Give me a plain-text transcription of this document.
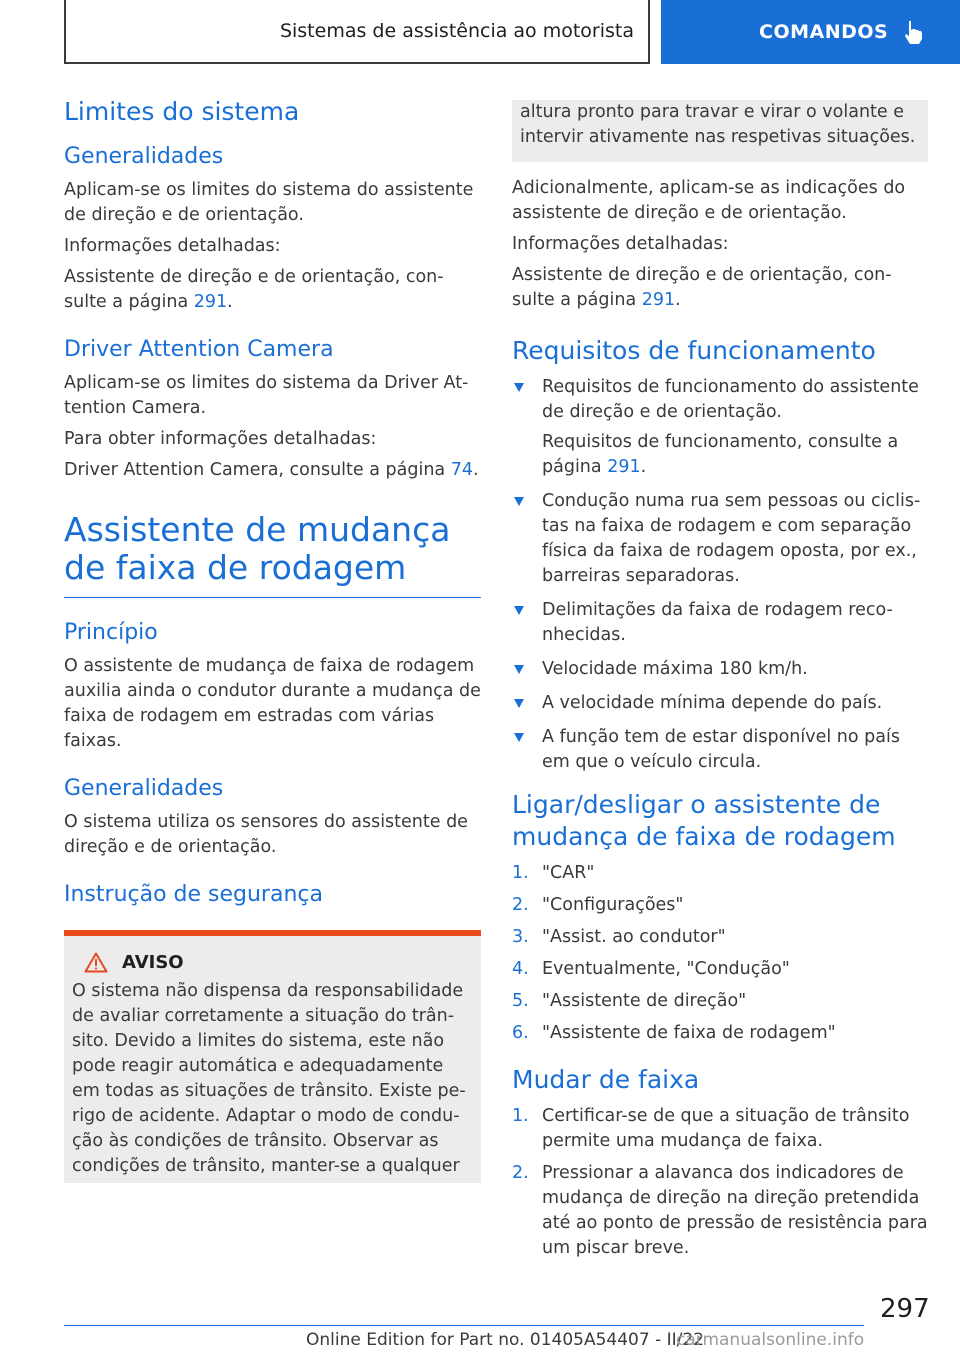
Sistemas de assistência ao motorista	COMANDOS
Limites do sistema
Generalidades

Aplicam-se os limites do sistema do assistente de direção e de orientação.

Informações detalhadas:

Assistente de direção e de orientação, con-sulte a página 291.

Driver Attention Camera

Aplicam-se os limites do sistema da Driver At-tention Camera.

Para obter informações detalhadas:

Driver Attention Camera, consulte a página 74.

Assistente de mudança de faixa de rodagem
Princípio

O assistente de mudança de faixa de rodagem auxilia ainda o condutor durante a mudança de faixa de rodagem em estradas com várias faixas.

Generalidades

O sistema utiliza os sensores do assistente de direção e de orientação.

Instrução de segurança
AVISO

O sistema não dispensa da responsabilidade de avaliar corretamente a situação do trân-sito. Devido a limites do sistema, este não pode reagir automática e adequadamente em todas as situações de trânsito. Existe pe-rigo de acidente. Adaptar o modo de condu-ção às condições de trânsito. Observar as condições de trânsito, manter-se a qualquer

altura pronto para travar e virar o volante e intervir ativamente nas respetivas situações.

Adicionalmente, aplicam-se as indicações do assistente de direção e de orientação.

Informações detalhadas:

Assistente de direção e de orientação, con-sulte a página 291.

Requisitos de funcionamento
Requisitos de funcionamento do assistente de direção e de orientação.
Requisitos de funcionamento, consulte a página 291.
Condução numa rua sem pessoas ou ciclis-tas na faixa de rodagem e com separação física da faixa de rodagem oposta, por ex., barreiras separadoras.
Delimitações da faixa de rodagem reco-nhecidas.
Velocidade máxima 180 km/h.
A velocidade mínima depende do país.
A função tem de estar disponível no país em que o veículo circula.
Ligar/desligar o assistente de mudança de faixa de rodagem
1. "CAR"
2. "Configurações"
3. "Assist. ao condutor"
4. Eventualmente, "Condução"
5. "Assistente de direção"
6. "Assistente de faixa de rodagem"
Mudar de faixa
1. Certificar-se de que a situação de trânsito permite uma mudança de faixa.
2. Pressionar a alavanca dos indicadores de mudança de direção na direção pretendida até ao ponto de pressão de resistência para um piscar breve.
297
Online Edition for Part no. 01405A54407 - II/22
carmanualsonline.info
